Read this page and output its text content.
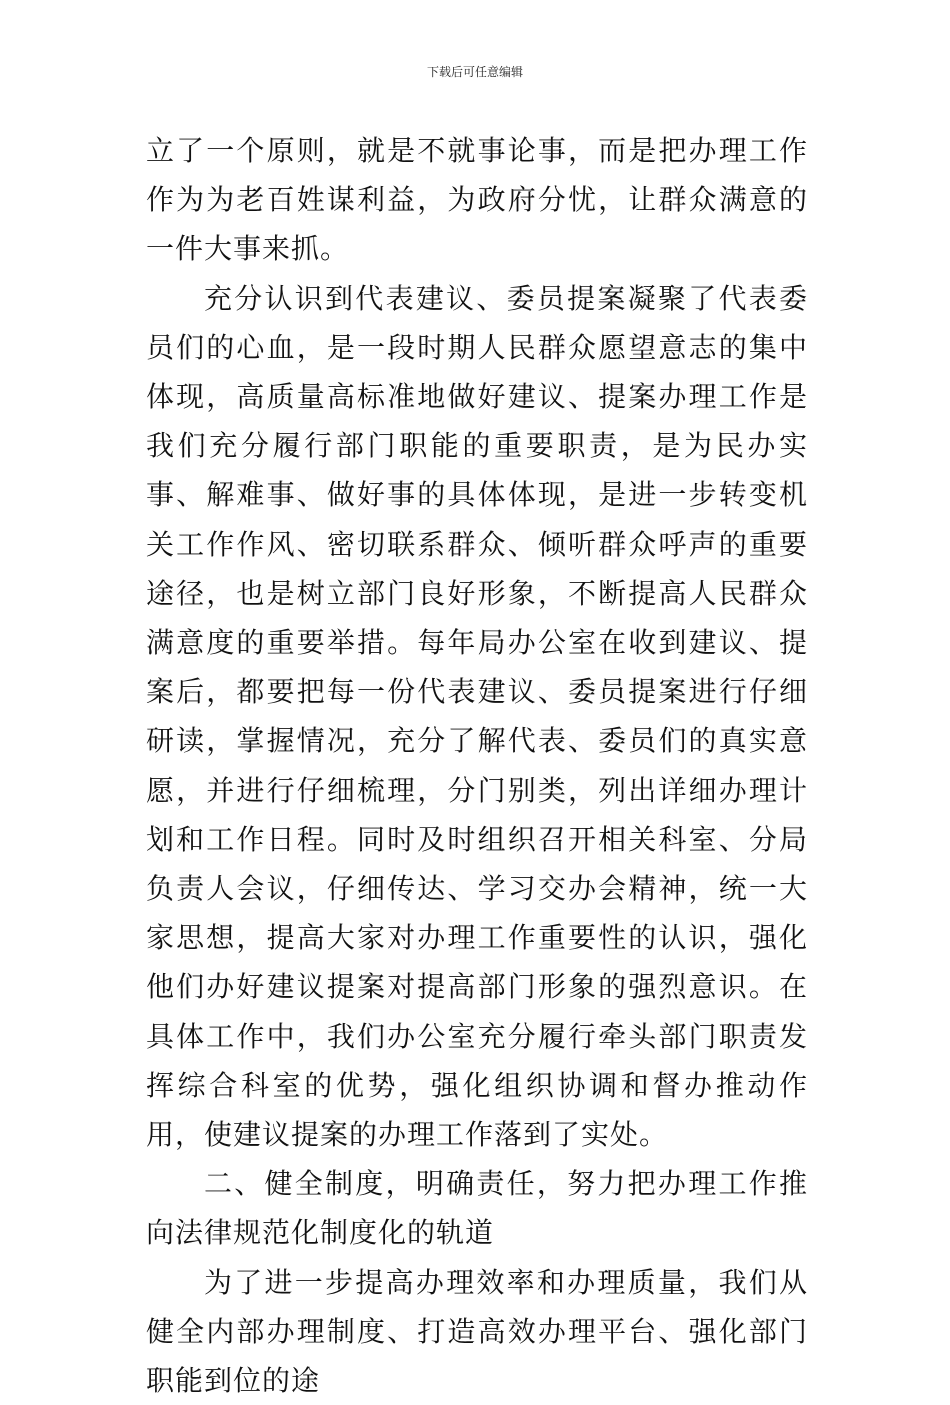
下载后可任意编辑

立了一个原则，就是不就事论事，而是把办理工作作为为老百姓谋利益，为政府分忧，让群众满意的一件大事来抓。

充分认识到代表建议、委员提案凝聚了代表委员们的心血，是一段时期人民群众愿望意志的集中体现，高质量高标准地做好建议、提案办理工作是我们充分履行部门职能的重要职责，是为民办实事、解难事、做好事的具体体现，是进一步转变机关工作作风、密切联系群众、倾听群众呼声的重要途径，也是树立部门良好形象，不断提高人民群众满意度的重要举措。每年局办公室在收到建议、提案后，都要把每一份代表建议、委员提案进行仔细研读，掌握情况，充分了解代表、委员们的真实意愿，并进行仔细梳理，分门别类，列出详细办理计划和工作日程。同时及时组织召开相关科室、分局负责人会议，仔细传达、学习交办会精神，统一大家思想，提高大家对办理工作重要性的认识，强化他们办好建议提案对提高部门形象的强烈意识。在具体工作中，我们办公室充分履行牵头部门职责发挥综合科室的优势，强化组织协调和督办推动作用，使建议提案的办理工作落到了实处。

二、健全制度，明确责任，努力把办理工作推向法律规范化制度化的轨道

为了进一步提高办理效率和办理质量，我们从健全内部办理制度、打造高效办理平台、强化部门职能到位的途
